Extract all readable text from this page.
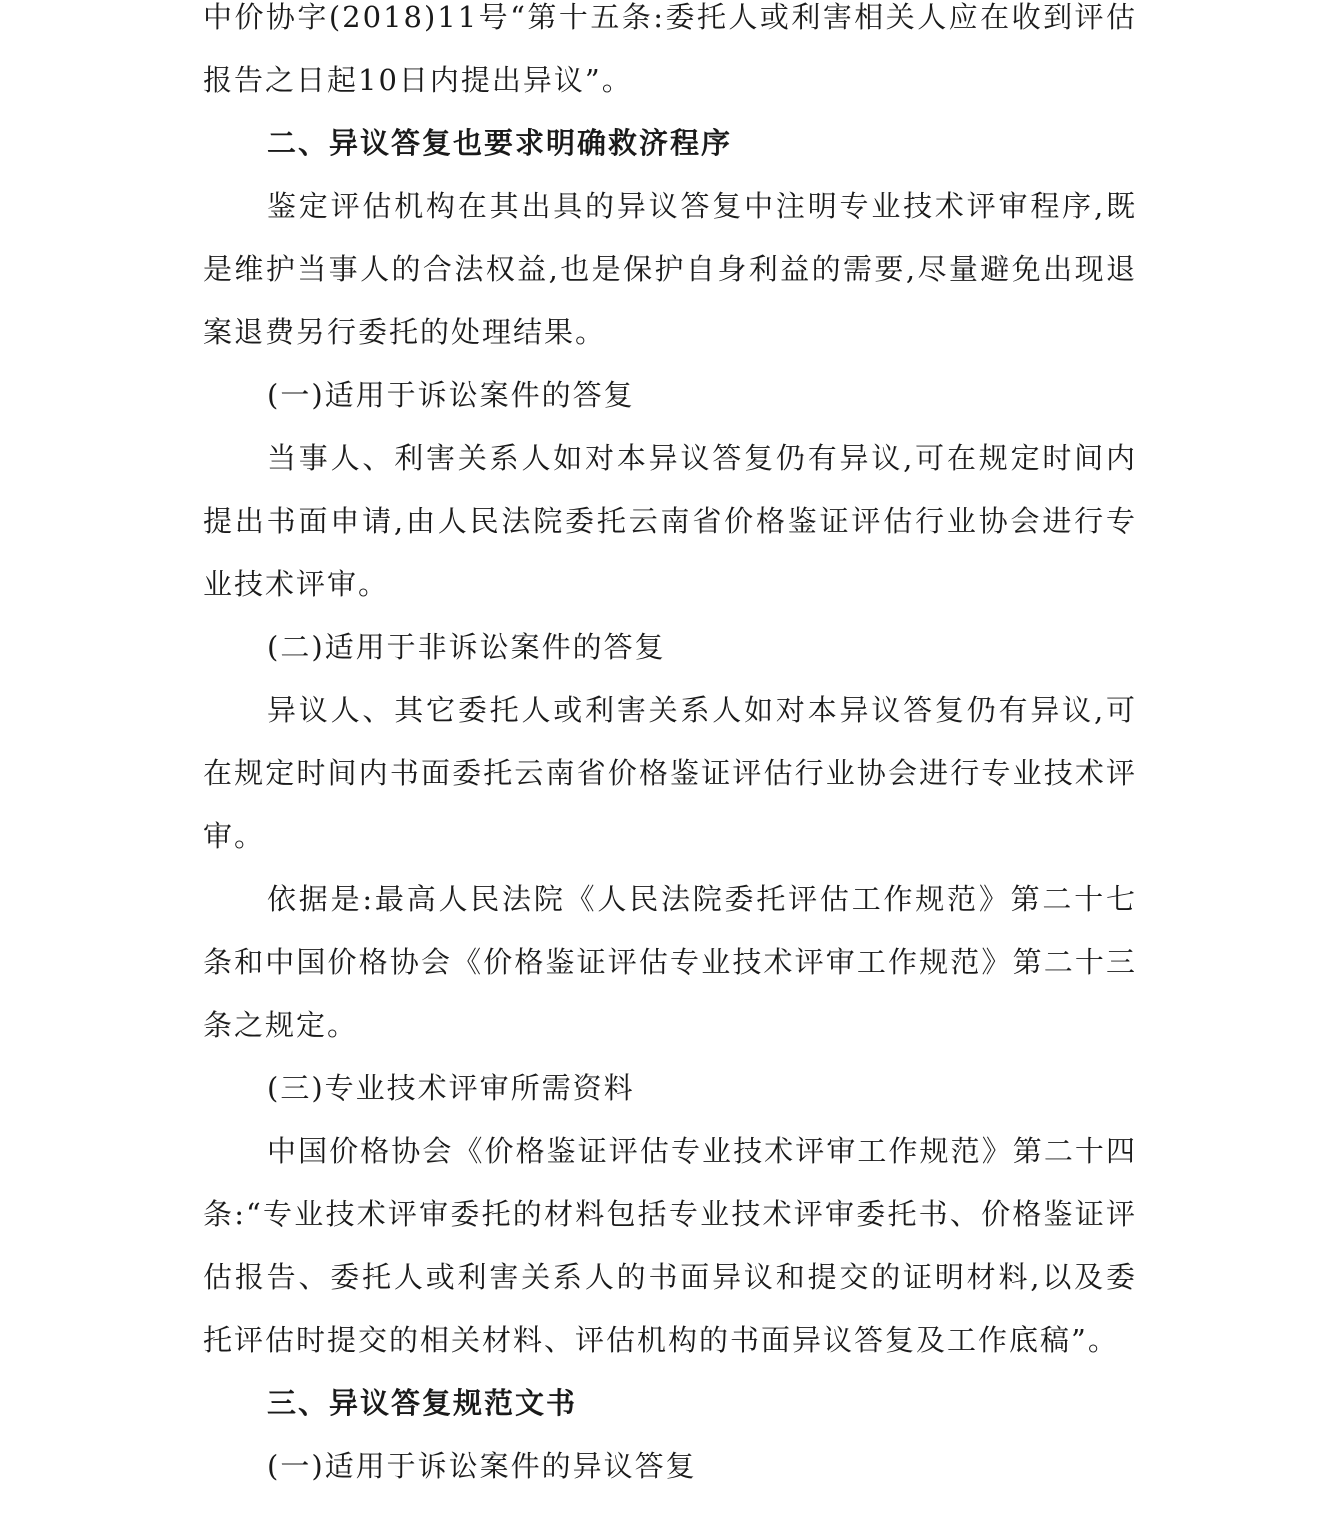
中价协字(2018)11号“第十五条:委托人或利害相关人应在收到评估报告之日起10日内提出异议”。

二、异议答复也要求明确救济程序

鉴定评估机构在其出具的异议答复中注明专业技术评审程序,既是维护当事人的合法权益,也是保护自身利益的需要,尽量避免出现退案退费另行委托的处理结果。

(一)适用于诉讼案件的答复

当事人、利害关系人如对本异议答复仍有异议,可在规定时间内提出书面申请,由人民法院委托云南省价格鉴证评估行业协会进行专业技术评审。

(二)适用于非诉讼案件的答复

异议人、其它委托人或利害关系人如对本异议答复仍有异议,可在规定时间内书面委托云南省价格鉴证评估行业协会进行专业技术评审。

依据是:最高人民法院《人民法院委托评估工作规范》第二十七条和中国价格协会《价格鉴证评估专业技术评审工作规范》第二十三条之规定。

(三)专业技术评审所需资料

中国价格协会《价格鉴证评估专业技术评审工作规范》第二十四条:“专业技术评审委托的材料包括专业技术评审委托书、价格鉴证评估报告、委托人或利害关系人的书面异议和提交的证明材料,以及委托评估时提交的相关材料、评估机构的书面异议答复及工作底稿”。

三、异议答复规范文书

(一)适用于诉讼案件的异议答复
